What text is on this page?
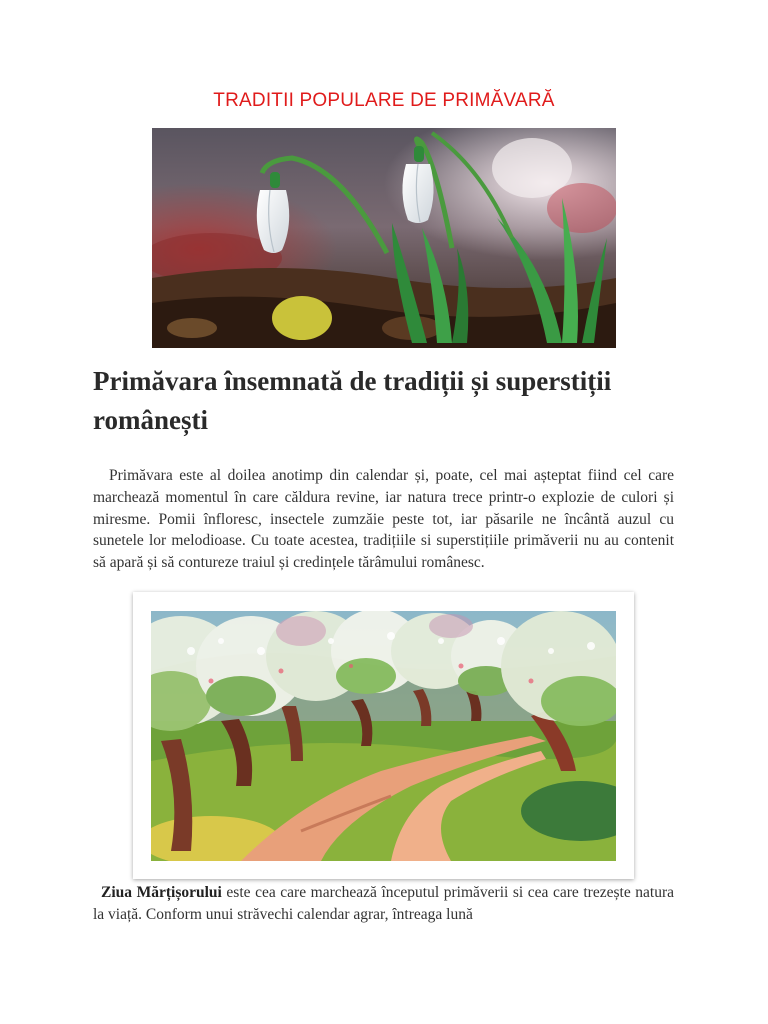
TRADITII POPULARE DE PRIMĂVARĂ
Primăvara însemnată de tradiții și superstiții românești
Primăvara este al doilea anotimp din calendar și, poate, cel mai așteptat fiind cel care marchează momentul în care căldura revine, iar natura trece printr-o explozie de culori și miresme. Pomii înfloresc, insectele zumzăie peste tot, iar păsarile ne încântă auzul cu sunetele lor melodioase. Cu toate acestea, tradițiile si superstițiile primăverii nu au contenit să apară și să contureze traiul și credințele tărâmului românesc.
Ziua Mărțișorului este cea care marchează începutul primăverii si cea care trezește natura la viață. Conform unui străvechi calendar agrar, întreaga lună
